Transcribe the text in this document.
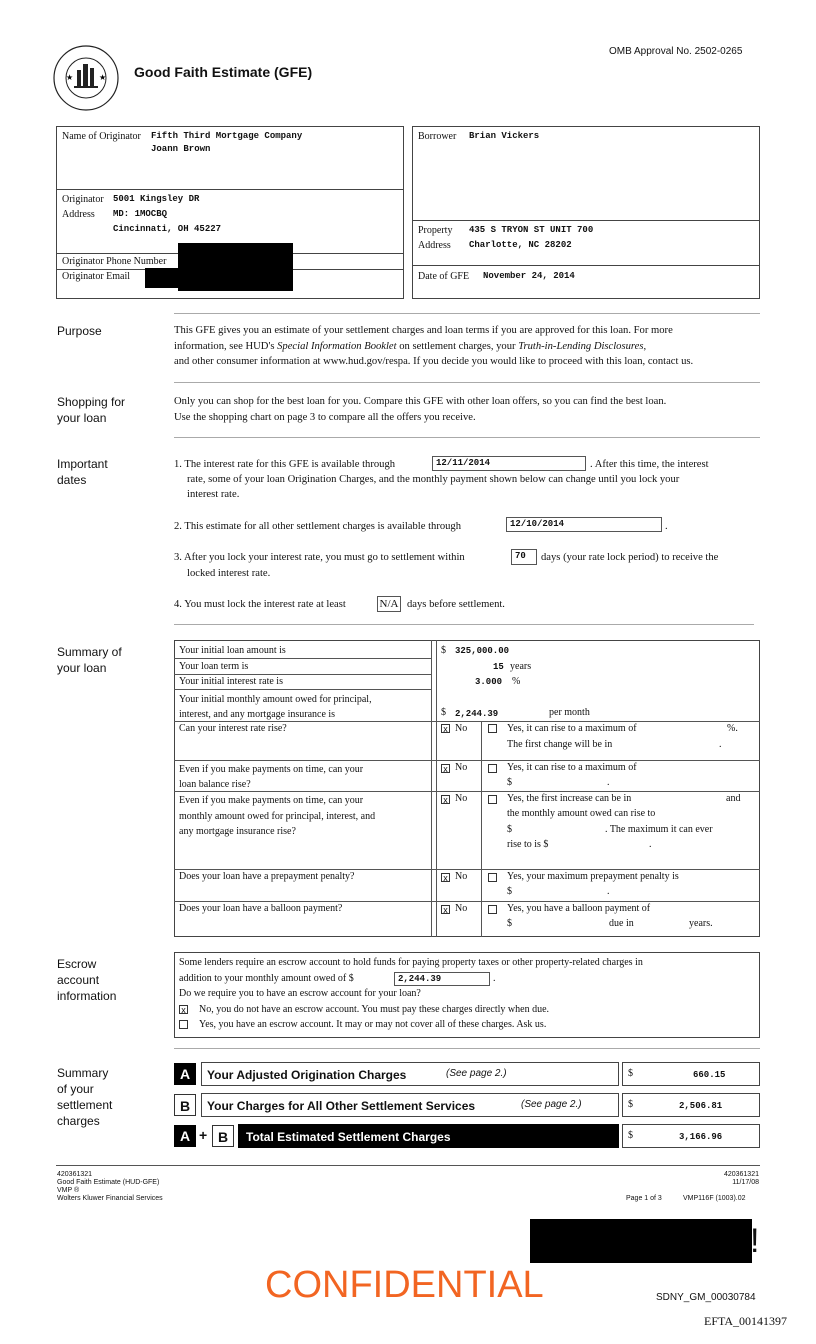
★	★ Good Faith Estimate (GFE)
OMB Approval No. 2502-0265
Name of Originator Fifth Third Mortgage Company
Joann Brown
Originator
Address
5001 Kingsley DR
MD: 1MOCBQ
Cincinnati, OH 45227
Originator Phone Number
Originator Email
Borrower Brian Vickers
Property
Address
435 S TRYON ST UNIT 700
Charlotte, NC 28202
Date of GFE November 24, 2014
Purpose	This GFE gives you an estimate of your settlement charges and loan terms if you are approved for this loan. For more
information, see HUD's Special Information Booklet on settlement charges, your Truth-in-Lending Disclosures,
and other consumer information at www.hud.gov/respa. If you decide you would like to proceed with this loan, contact us.
Shopping for
your loan
Only you can shop for the best loan for you. Compare this GFE with other loan offers, so you can find the best loan.
Use the shopping chart on page 3 to compare all the offers you receive.
Important
dates
1. The interest rate for this GFE is available through	12/11/2014	. After this time, the interest
rate, some of your loan Origination Charges, and the monthly payment shown below can change until you lock your
interest rate.
2. This estimate for all other settlement charges is available through	12/10/2014	.
3. After you lock your interest rate, you must go to settlement within	70	days (your rate lock period) to receive the
locked interest rate.
4. You must lock the interest rate at least	N/A days before settlement.
Summary of
your loan
Your initial loan amount is	$ 325,000.00
Your loan term is	15 years
Your initial interest rate is	3.000 %
Your initial monthly amount owed for principal,
interest, and any mortgage insurance is	$ 2,244.39	per month
Can your interest rate rise?	x No	Yes, it can rise to a maximum of	%.
The first change will be in	.
Even if you make payments on time, can your
loan balance rise?
x No	Yes, it can rise to a maximum of
$	.
Even if you make payments on time, can your
monthly amount owed for principal, interest, and
any mortgage insurance rise?
x No	Yes, the first increase can be in	and
the monthly amount owed can rise to
$	. The maximum it can ever
rise to is $	.
Does your loan have a prepayment penalty?	x No	Yes, your maximum prepayment penalty is
$	.
Does your loan have a balloon payment?	x No	Yes, you have a balloon payment of
$	due in	years.
Escrow
account
information
Some lenders require an escrow account to hold funds for paying property taxes or other property-related charges in
addition to your monthly amount owed of $	2,244.39	.
Do we require you to have an escrow account for your loan?
x No, you do not have an escrow account. You must pay these charges directly when due.
Yes, you have an escrow account. It may or may not cover all of these charges. Ask us.
Summary
of your
settlement
charges
A	Your Adjusted Origination Charges	(See page 2.)	$	660.15
B	Your Charges for All Other Settlement Services	(See page 2.)	$	2,506.81
A + B	Total Estimated Settlement Charges	$	3,166.96
420361321
Good Faith Estimate (HUD-GFE)
VMP ®
Wolters Kluwer Financial Services
420361321
11/17/08
Page 1 of 3	VMP116F (1003).02
!
CONFIDENTIAL	SDNY_GM_00030784
EFTA_00141397
